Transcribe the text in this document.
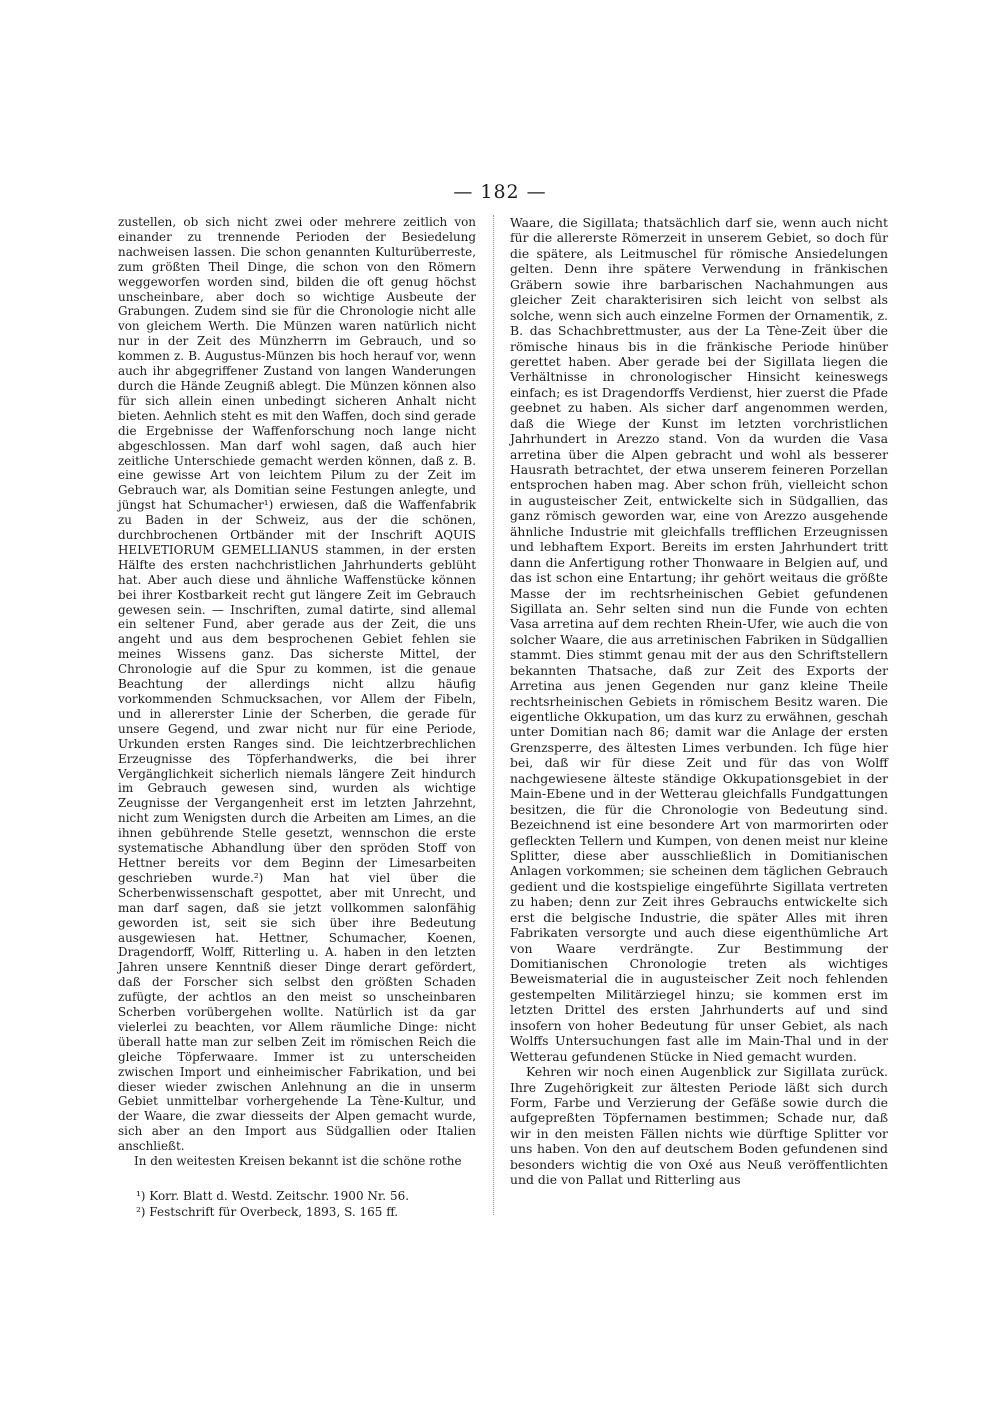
— 182 —

zustellen, ob sich nicht zwei oder mehrere zeitlich von einander zu trennende Perioden der Besiedelung nachweisen lassen. Die schon genannten Kulturüberreste, zum größten Theil Dinge, die schon von den Römern weggeworfen worden sind, bilden die oft genug höchst unscheinbare, aber doch so wichtige Ausbeute der Grabungen. Zudem sind sie für die Chronologie nicht alle von gleichem Werth. Die Münzen waren natürlich nicht nur in der Zeit des Münzherrn im Gebrauch, und so kommen z. B. Augustus-Münzen bis hoch herauf vor, wenn auch ihr abgegriffener Zustand von langen Wanderungen durch die Hände Zeugniß ablegt. Die Münzen können also für sich allein einen unbedingt sicheren Anhalt nicht bieten. Aehnlich steht es mit den Waffen, doch sind gerade die Ergebnisse der Waffenforschung noch lange nicht abgeschlossen. Man darf wohl sagen, daß auch hier zeitliche Unterschiede gemacht werden können, daß z. B. eine gewisse Art von leichtem Pilum zu der Zeit im Gebrauch war, als Domitian seine Festungen anlegte, und jüngst hat Schumacher¹) erwiesen, daß die Waffenfabrik zu Baden in der Schweiz, aus der die schönen, durchbrochenen Ortbänder mit der Inschrift AQUIS HELVETIORUM GEMELLIANUS stammen, in der ersten Hälfte des ersten nachchristlichen Jahrhunderts geblüht hat. Aber auch diese und ähnliche Waffenstücke können bei ihrer Kostbarkeit recht gut längere Zeit im Gebrauch gewesen sein. — Inschriften, zumal datirte, sind allemal ein seltener Fund, aber gerade aus der Zeit, die uns angeht und aus dem besprochenen Gebiet fehlen sie meines Wissens ganz. Das sicherste Mittel, der Chronologie auf die Spur zu kommen, ist die genaue Beachtung der allerdings nicht allzu häufig vorkommenden Schmucksachen, vor Allem der Fibeln, und in allererster Linie der Scherben, die gerade für unsere Gegend, und zwar nicht nur für eine Periode, Urkunden ersten Ranges sind. Die leichtzerbrechlichen Erzeugnisse des Töpferhandwerks, die bei ihrer Vergänglichkeit sicherlich niemals längere Zeit hindurch im Gebrauch gewesen sind, wurden als wichtige Zeugnisse der Vergangenheit erst im letzten Jahrzehnt, nicht zum Wenigsten durch die Arbeiten am Limes, an die ihnen gebührende Stelle gesetzt, wennschon die erste systematische Abhandlung über den spröden Stoff von Hettner bereits vor dem Beginn der Limesarbeiten geschrieben wurde.²) Man hat viel über die Scherbenwissenschaft gespottet, aber mit Unrecht, und man darf sagen, daß sie jetzt vollkommen salonfähig geworden ist, seit sie sich über ihre Bedeutung ausgewiesen hat. Hettner, Schumacher, Koenen, Dragendorff, Wolff, Ritterling u. A. haben in den letzten Jahren unsere Kenntniß dieser Dinge derart gefördert, daß der Forscher sich selbst den größten Schaden zufügte, der achtlos an den meist so unscheinbaren Scherben vorübergehen wollte. Natürlich ist da gar vielerlei zu beachten, vor Allem räumliche Dinge: nicht überall hatte man zur selben Zeit im römischen Reich die gleiche Töpferwaare. Immer ist zu unterscheiden zwischen Import und einheimischer Fabrikation, und bei dieser wieder zwischen Anlehnung an die in unserm Gebiet unmittelbar vorhergehende La Tène-Kultur, und der Waare, die zwar diesseits der Alpen gemacht wurde, sich aber an den Import aus Südgallien oder Italien anschließt.

In den weitesten Kreisen bekannt ist die schöne rothe

Waare, die Sigillata; thatsächlich darf sie, wenn auch nicht für die allererste Römerzeit in unserem Gebiet, so doch für die spätere, als Leitmuschel für römische Ansiedelungen gelten. Denn ihre spätere Verwendung in fränkischen Gräbern sowie ihre barbarischen Nachahmungen aus gleicher Zeit charakterisiren sich leicht von selbst als solche, wenn sich auch einzelne Formen der Ornamentik, z. B. das Schachbrettmuster, aus der La Tène-Zeit über die römische hinaus bis in die fränkische Periode hinüber gerettet haben. Aber gerade bei der Sigillata liegen die Verhältnisse in chronologischer Hinsicht keineswegs einfach; es ist Dragendorffs Verdienst, hier zuerst die Pfade geebnet zu haben. Als sicher darf angenommen werden, daß die Wiege der Kunst im letzten vorchristlichen Jahrhundert in Arezzo stand. Von da wurden die Vasa arretina über die Alpen gebracht und wohl als besserer Hausrath betrachtet, der etwa unserem feineren Porzellan entsprochen haben mag. Aber schon früh, vielleicht schon in augusteischer Zeit, entwickelte sich in Südgallien, das ganz römisch geworden war, eine von Arezzo ausgehende ähnliche Industrie mit gleichfalls trefflichen Erzeugnissen und lebhaftem Export. Bereits im ersten Jahrhundert tritt dann die Anfertigung rother Thonwaare in Belgien auf, und das ist schon eine Entartung; ihr gehört weitaus die größte Masse der im rechtsrheinischen Gebiet gefundenen Sigillata an. Sehr selten sind nun die Funde von echten Vasa arretina auf dem rechten Rhein-Ufer, wie auch die von solcher Waare, die aus arretinischen Fabriken in Südgallien stammt. Dies stimmt genau mit der aus den Schriftstellern bekannten Thatsache, daß zur Zeit des Exports der Arretina aus jenen Gegenden nur ganz kleine Theile rechtsrheinischen Gebiets in römischem Besitz waren. Die eigentliche Okkupation, um das kurz zu erwähnen, geschah unter Domitian nach 86; damit war die Anlage der ersten Grenzsperre, des ältesten Limes verbunden. Ich füge hier bei, daß wir für diese Zeit und für das von Wolff nachgewiesene älteste ständige Okkupationsgebiet in der Main-Ebene und in der Wetterau gleichfalls Fundgattungen besitzen, die für die Chronologie von Bedeutung sind. Bezeichnend ist eine besondere Art von marmorirten oder gefleckten Tellern und Kumpen, von denen meist nur kleine Splitter, diese aber ausschließlich in Domitianischen Anlagen vorkommen; sie scheinen dem täglichen Gebrauch gedient und die kostspielige eingeführte Sigillata vertreten zu haben; denn zur Zeit ihres Gebrauchs entwickelte sich erst die belgische Industrie, die später Alles mit ihren Fabrikaten versorgte und auch diese eigenthümliche Art von Waare verdrängte. Zur Bestimmung der Domitianischen Chronologie treten als wichtiges Beweismaterial die in augusteischer Zeit noch fehlenden gestempelten Militärziegel hinzu; sie kommen erst im letzten Drittel des ersten Jahrhunderts auf und sind insofern von hoher Bedeutung für unser Gebiet, als nach Wolffs Untersuchungen fast alle im Main-Thal und in der Wetterau gefundenen Stücke in Nied gemacht wurden.

Kehren wir noch einen Augenblick zur Sigillata zurück. Ihre Zugehörigkeit zur ältesten Periode läßt sich durch Form, Farbe und Verzierung der Gefäße sowie durch die aufgepreßten Töpfernamen bestimmen; Schade nur, daß wir in den meisten Fällen nichts wie dürftige Splitter vor uns haben. Von den auf deutschem Boden gefundenen sind besonders wichtig die von Oxé aus Neuß veröffentlichten und die von Pallat und Ritterling aus

¹) Korr. Blatt d. Westd. Zeitschr. 1900 Nr. 56.
²) Festschrift für Overbeck, 1893, S. 165 ff.
